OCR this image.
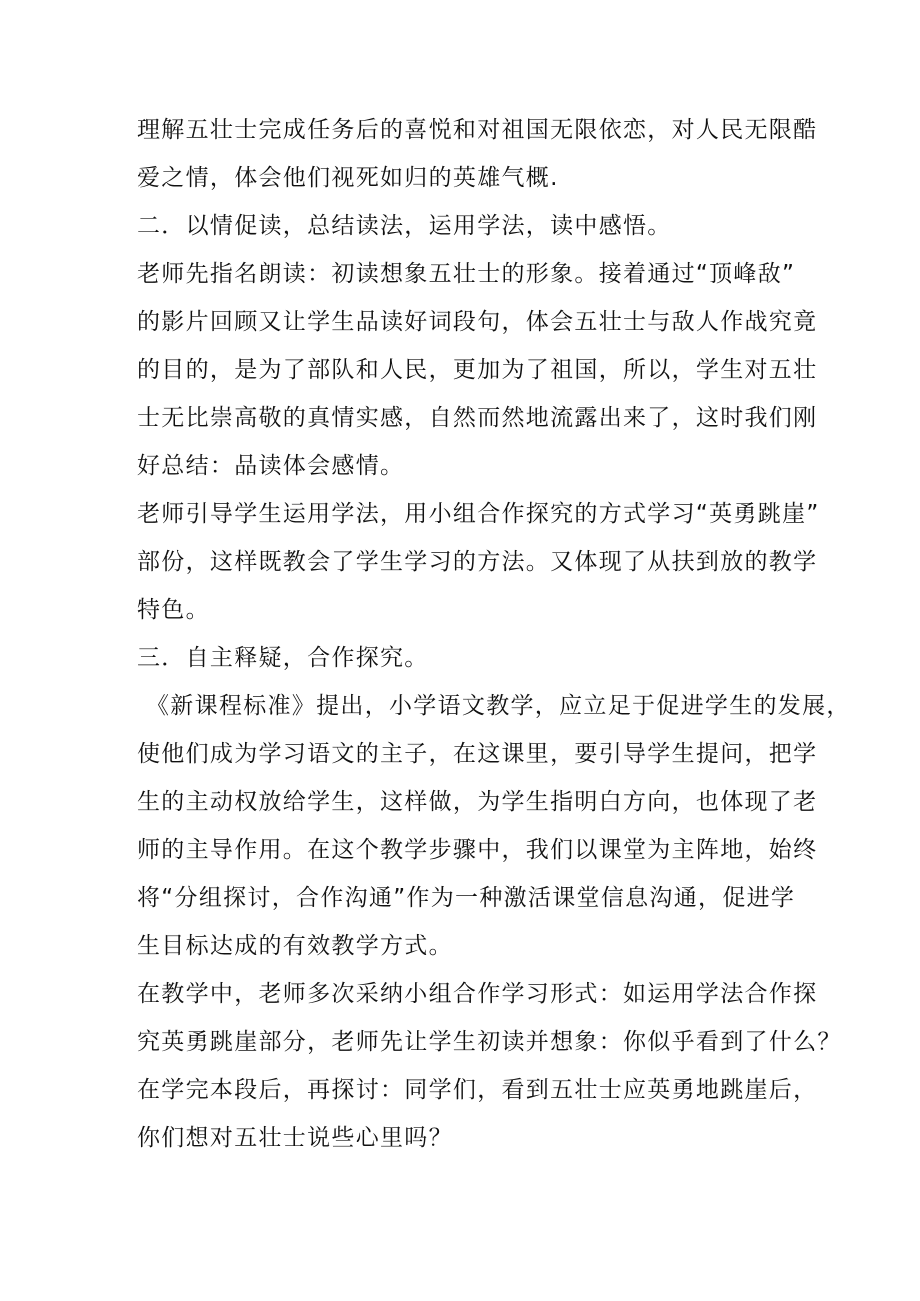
理解五壮士完成任务后的喜悦和对祖国无限依恋，对人民无限酷
爱之情，体会他们视死如归的英雄气概.
二．以情促读，总结读法，运用学法，读中感悟。
老师先指名朗读：初读想象五壮士的形象。接着通过“顶峰敌”
的影片回顾又让学生品读好词段句，体会五壮士与敌人作战究竟
的目的，是为了部队和人民，更加为了祖国，所以，学生对五壮
士无比崇高敬的真情实感，自然而然地流露出来了，这时我们刚
好总结：品读体会感情。
老师引导学生运用学法，用小组合作探究的方式学习“英勇跳崖”
部份，这样既教会了学生学习的方法。又体现了从扶到放的教学
特色。
三．自主释疑，合作探究。
《新课程标准》提出，小学语文教学，应立足于促进学生的发展，
使他们成为学习语文的主子，在这课里，要引导学生提问，把学
生的主动权放给学生，这样做，为学生指明白方向，也体现了老
师的主导作用。在这个教学步骤中，我们以课堂为主阵地，始终
将“分组探讨，合作沟通”作为一种激活课堂信息沟通，促进学
生目标达成的有效教学方式。
在教学中，老师多次采纳小组合作学习形式：如运用学法合作探
究英勇跳崖部分，老师先让学生初读并想象：你似乎看到了什么？
在学完本段后，再探讨：同学们，看到五壮士应英勇地跳崖后，
你们想对五壮士说些心里吗？
